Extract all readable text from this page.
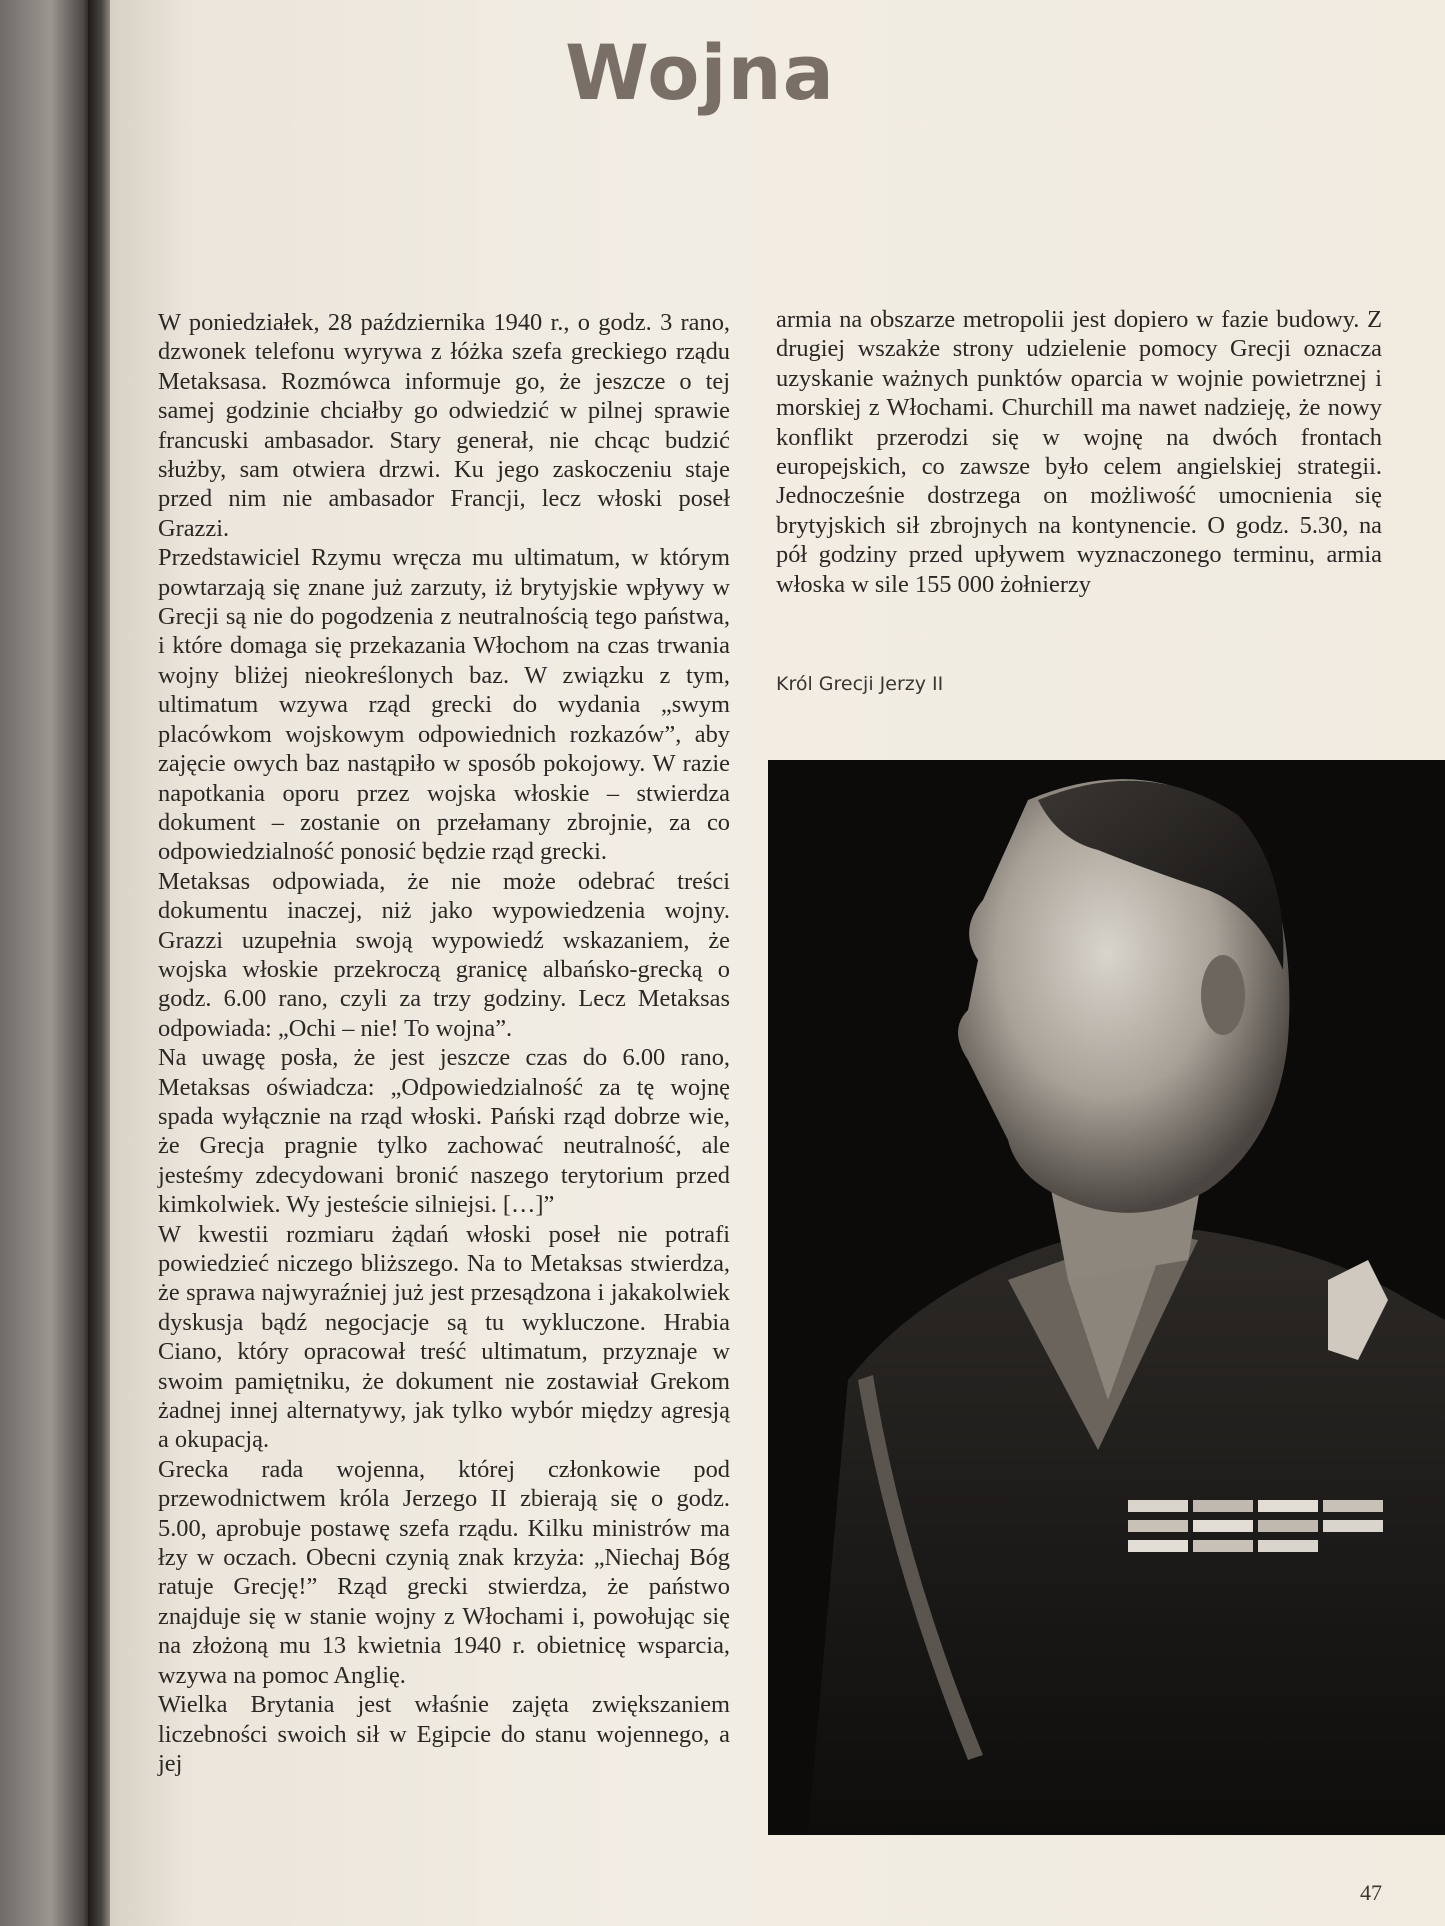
Wojna

W poniedziałek, 28 października 1940 r., o godz. 3 rano, dzwonek telefonu wyrywa z łóżka szefa greckiego rządu Metaksasa. Rozmówca informuje go, że jeszcze o tej samej godzinie chciałby go odwiedzić w pilnej sprawie francuski ambasador. Stary generał, nie chcąc budzić służby, sam otwiera drzwi. Ku jego zaskoczeniu staje przed nim nie ambasador Francji, lecz włoski poseł Grazzi.

Przedstawiciel Rzymu wręcza mu ultimatum, w którym powtarzają się znane już zarzuty, iż brytyjskie wpływy w Grecji są nie do pogodzenia z neutralnością tego państwa, i które domaga się przekazania Włochom na czas trwania wojny bliżej nieokreślonych baz. W związku z tym, ultimatum wzywa rząd grecki do wydania „swym placówkom wojskowym odpowiednich rozkazów”, aby zajęcie owych baz nastąpiło w sposób pokojowy. W razie napotkania oporu przez wojska włoskie – stwierdza dokument – zostanie on przełamany zbrojnie, za co odpowiedzialność ponosić będzie rząd grecki.

Metaksas odpowiada, że nie może odebrać treści dokumentu inaczej, niż jako wypowiedzenia wojny. Grazzi uzupełnia swoją wypowiedź wskazaniem, że wojska włoskie przekroczą granicę albańsko-grecką o godz. 6.00 rano, czyli za trzy godziny. Lecz Metaksas odpowiada: „Ochi – nie! To wojna”.

Na uwagę posła, że jest jeszcze czas do 6.00 rano, Metaksas oświadcza: „Odpowiedzialność za tę wojnę spada wyłącznie na rząd włoski. Pański rząd dobrze wie, że Grecja pragnie tylko zachować neutralność, ale jesteśmy zdecydowani bronić naszego terytorium przed kimkolwiek. Wy jesteście silniejsi. […]”

W kwestii rozmiaru żądań włoski poseł nie potrafi powiedzieć niczego bliższego. Na to Metaksas stwierdza, że sprawa najwyraźniej już jest przesądzona i jakakolwiek dyskusja bądź negocjacje są tu wykluczone. Hrabia Ciano, który opracował treść ultimatum, przyznaje w swoim pamiętniku, że dokument nie zostawiał Grekom żadnej innej alternatywy, jak tylko wybór między agresją a okupacją.

Grecka rada wojenna, której członkowie pod przewodnictwem króla Jerzego II zbierają się o godz. 5.00, aprobuje postawę szefa rządu. Kilku ministrów ma łzy w oczach. Obecni czynią znak krzyża: „Niechaj Bóg ratuje Grecję!” Rząd grecki stwierdza, że państwo znajduje się w stanie wojny z Włochami i, powołując się na złożoną mu 13 kwietnia 1940 r. obietnicę wsparcia, wzywa na pomoc Anglię.

Wielka Brytania jest właśnie zajęta zwiększaniem liczebności swoich sił w Egipcie do stanu wojennego, a jej

armia na obszarze metropolii jest dopiero w fazie budowy. Z drugiej wszakże strony udzielenie pomocy Grecji oznacza uzyskanie ważnych punktów oparcia w wojnie powietrznej i morskiej z Włochami. Churchill ma nawet nadzieję, że nowy konflikt przerodzi się w wojnę na dwóch frontach europejskich, co zawsze było celem angielskiej strategii. Jednocześnie dostrzega on możliwość umocnienia się brytyjskich sił zbrojnych na kontynencie. O godz. 5.30, na pół godziny przed upływem wyznaczonego terminu, armia włoska w sile 155 000 żołnierzy

Król Grecji Jerzy II
47
